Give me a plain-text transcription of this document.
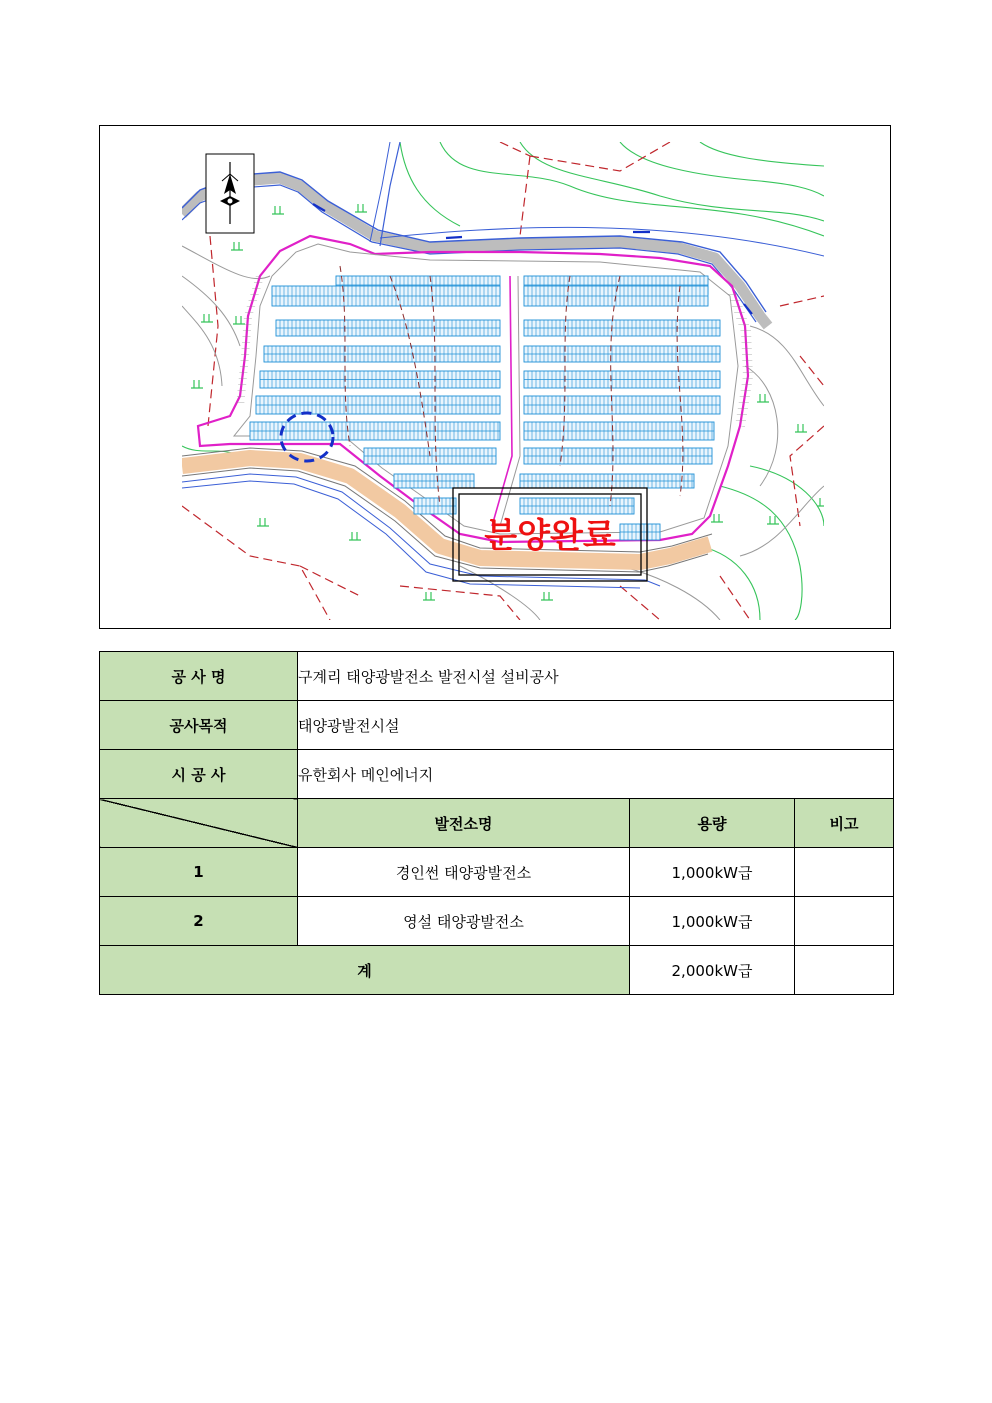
분양완료
공 사 명	구계리 태양광발전소 발전시설 설비공사		
공사목적	태양광발전시설		
시 공 사	유한회사 메인에너지		
	발전소명	용량	비고
1	경인썬 태양광발전소	1,000kW급	
2	영설 태양광발전소	1,000kW급	
계		2,000kW급	
